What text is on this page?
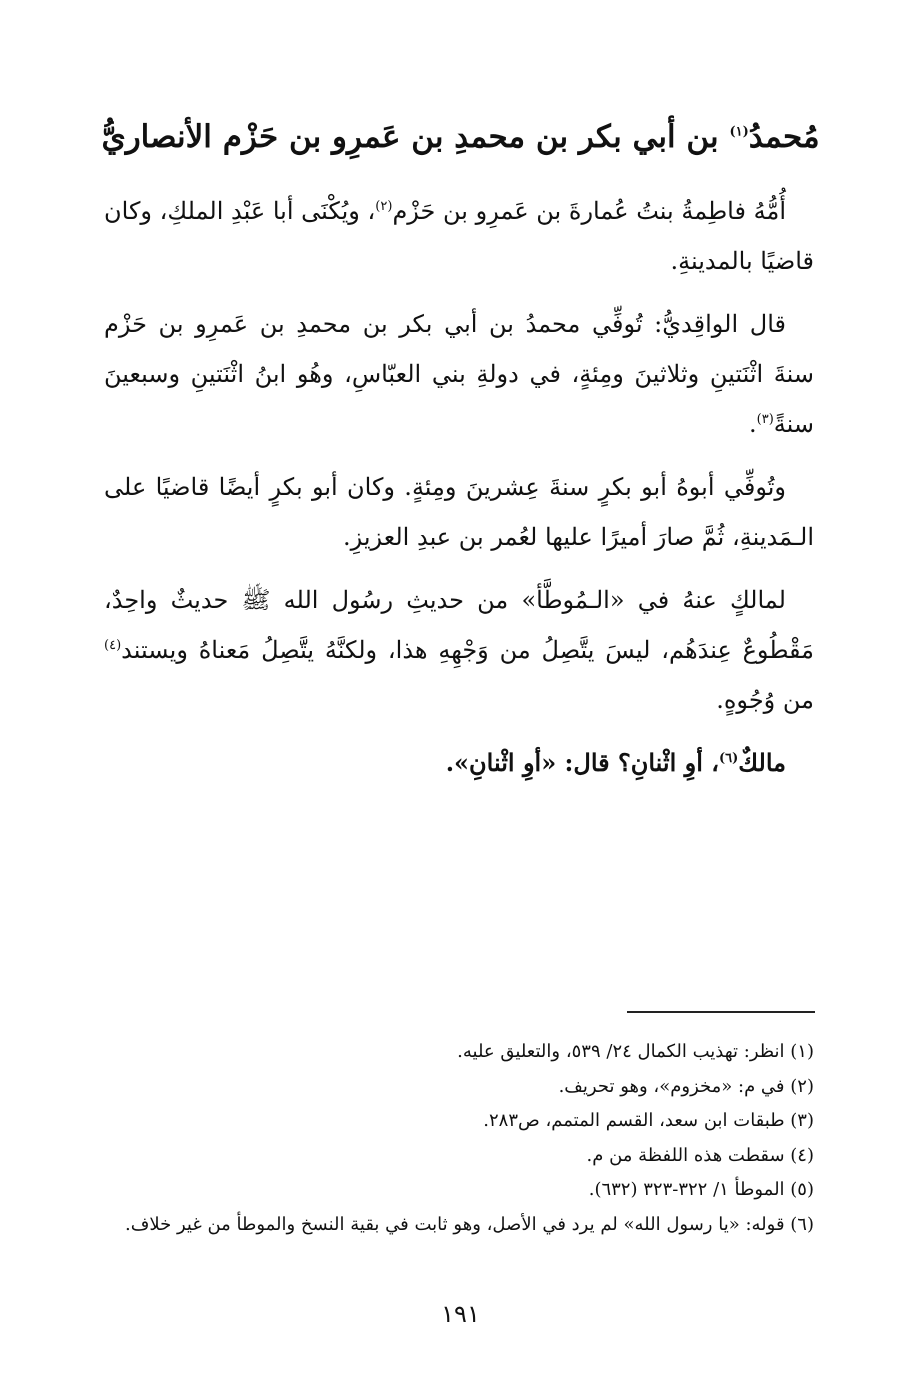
مُحمدُ$^{(١)}$ بن أبي بكر بن محمدِ بن عَمرِو بن حَزْم الأنصاريُّ

أُمُّهُ فاطِمةُ بنتُ عُمارةَ بن عَمرِو بن حَزْم$^{(٢)}$، ويُكْنَى أبا عَبْدِ الملكِ، وكان قاضيًا بالمدينةِ.

قال الواقِديُّ: تُوفِّي محمدُ بن أبي بكر بن محمدِ بن عَمرِو بن حَزْم سنةَ اثْنَتينِ وثلاثينَ ومِئةٍ، في دولةِ بني العبّاسِ، وهُو ابنُ اثْنَتينِ وسبعينَ سنةً$^{(٣)}$.

وتُوفِّي أبوهُ أبو بكرٍ سنةَ عِشرينَ ومِئةٍ. وكان أبو بكرٍ أيضًا قاضيًا على الـمَدينةِ، ثُمَّ صارَ أميرًا عليها لعُمر بن عبدِ العزيزِ.

لمالكٍ عنهُ في «الـمُوطَّأ» من حديثِ رسُول الله ﷺ حديثٌ واحِدٌ، مَقْطُوعٌ عِندَهُم، ليسَ يتَّصِلُ من وَجْهِهِ هذا، ولكنَّهُ يتَّصِلُ مَعناهُ ويستند$^{(٤)}$ من وُجُوهٍ.

مالكٌ$^{(٦)}$، أوِ اثْنانِ؟ قال: «أوِ اثْنانِ».

(١) انظر: تهذيب الكمال ٢٤/ ٥٣٩، والتعليق عليه.
(٢) في م: «مخزوم»، وهو تحريف.
(٣) طبقات ابن سعد، القسم المتمم، ص٢٨٣.
(٤) سقطت هذه اللفظة من م.
(٥) الموطأ ١/ ٣٢٢-٣٢٣ (٦٣٢).
(٦) قوله: «يا رسول الله» لم يرد في الأصل، وهو ثابت في بقية النسخ والموطأ من غير خلاف.
١٩١
